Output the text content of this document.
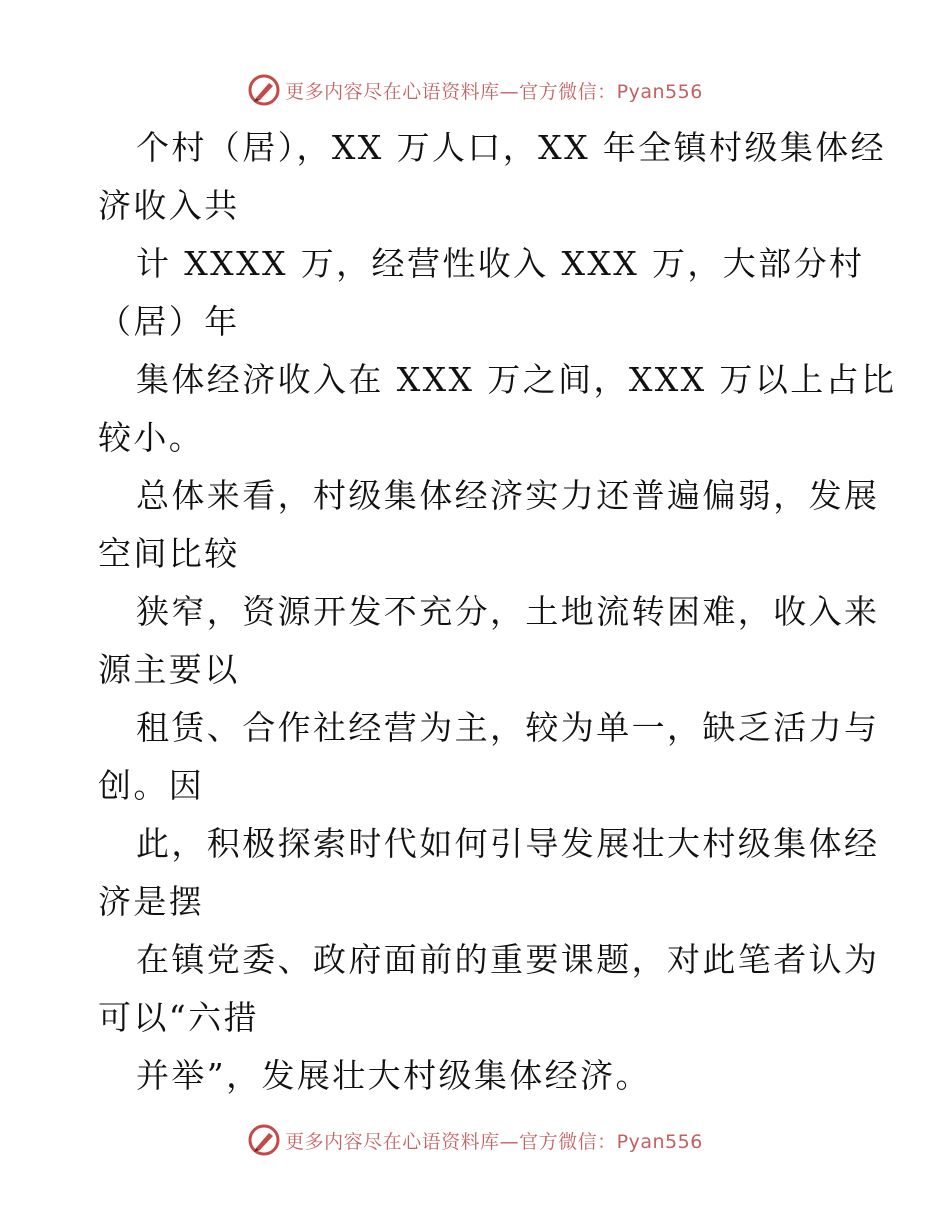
更多内容尽在心语资料库—官方微信：Pyan556
个村（居），XX 万人口，XX 年全镇村级集体经
济收入共
计 XXXX 万，经营性收入 XXX 万，大部分村
（居）年
集体经济收入在 XXX 万之间，XXX 万以上占比
较小。
总体来看，村级集体经济实力还普遍偏弱，发展
空间比较
狭窄，资源开发不充分，土地流转困难，收入来
源主要以
租赁、合作社经营为主，较为单一，缺乏活力与
创。因
此，积极探索时代如何引导发展壮大村级集体经
济是摆
在镇党委、政府面前的重要课题，对此笔者认为
可以“六措
并举”，发展壮大村级集体经济。
更多内容尽在心语资料库—官方微信：Pyan556
